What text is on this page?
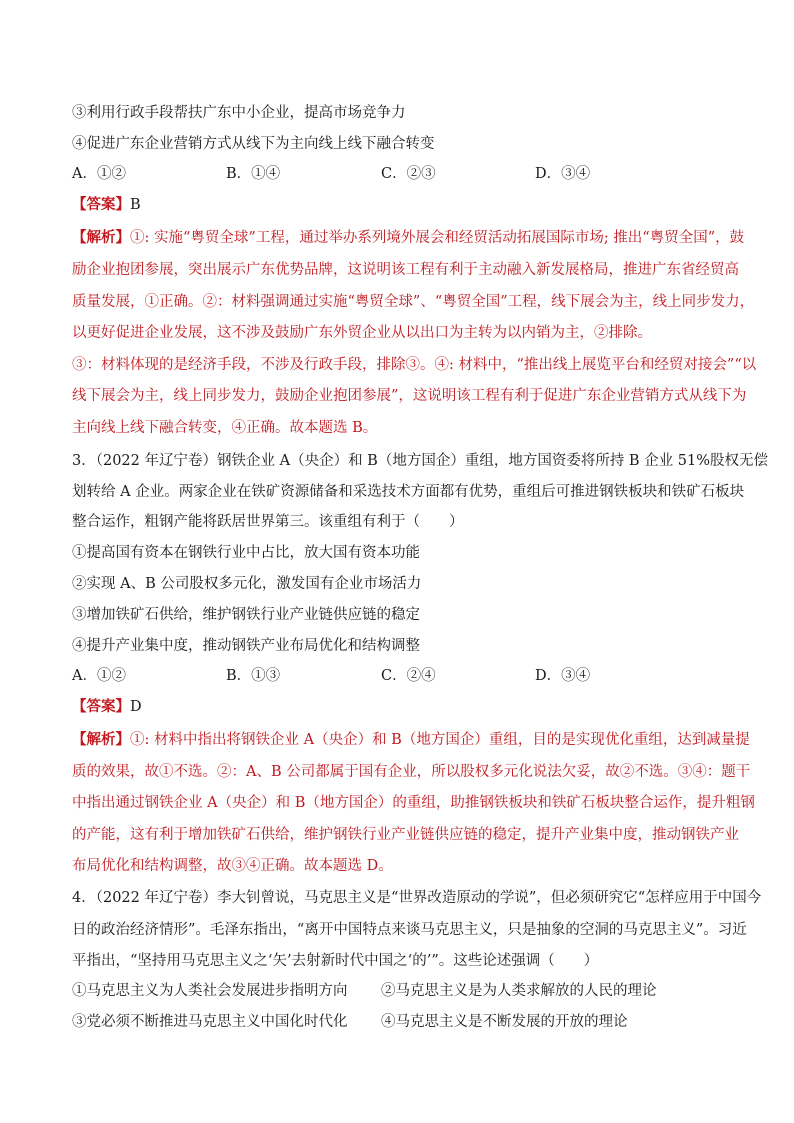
③利用行政手段帮扶广东中小企业，提高市场竞争力
④促进广东企业营销方式从线下为主向线上线下融合转变
A．①②	B．①④	C．②③	D．③④
【答案】B
【解析】①: 实施“粤贸全球”工程，通过举办系列境外展会和经贸活动拓展国际市场; 推出“粤贸全国”，鼓
励企业抱团参展，突出展示广东优势品牌，这说明该工程有利于主动融入新发展格局，推进广东省经贸高
质量发展，①正确。②：材料强调通过实施“粤贸全球”、“粤贸全国”工程，线下展会为主，线上同步发力，
以更好促进企业发展，这不涉及鼓励广东外贸企业从以出口为主转为以内销为主，②排除。
③：材料体现的是经济手段，不涉及行政手段，排除③。④: 材料中，“推出线上展览平台和经贸对接会”“以
线下展会为主，线上同步发力，鼓励企业抱团参展”，这说明该工程有利于促进广东企业营销方式从线下为
主向线上线下融合转变，④正确。故本题选 B。
3．（2022 年辽宁卷）钢铁企业 A（央企）和 B（地方国企）重组，地方国资委将所持 B 企业 51%股权无偿
划转给 A 企业。两家企业在铁矿资源储备和采选技术方面都有优势，重组后可推进钢铁板块和铁矿石板块
整合运作，粗钢产能将跃居世界第三。该重组有利于（　　）
①提高国有资本在钢铁行业中占比，放大国有资本功能
②实现 A、B 公司股权多元化，激发国有企业市场活力
③增加铁矿石供给，维护钢铁行业产业链供应链的稳定
④提升产业集中度，推动钢铁产业布局优化和结构调整
A．①②	B．①③	C．②④	D．③④
【答案】D
【解析】①: 材料中指出将钢铁企业 A（央企）和 B（地方国企）重组，目的是实现优化重组，达到减量提
质的效果，故①不选。②：A、B 公司都属于国有企业，所以股权多元化说法欠妥，故②不选。③④：题干
中指出通过钢铁企业 A（央企）和 B（地方国企）的重组，助推钢铁板块和铁矿石板块整合运作，提升粗钢
的产能，这有利于增加铁矿石供给，维护钢铁行业产业链供应链的稳定，提升产业集中度，推动钢铁产业
布局优化和结构调整，故③④正确。故本题选 D。
4．（2022 年辽宁卷）李大钊曾说，马克思主义是“世界改造原动的学说”，但必须研究它“怎样应用于中国今
日的政治经济情形”。毛泽东指出，“离开中国特点来谈马克思主义，只是抽象的空洞的马克思主义”。习近
平指出，“坚持用马克思主义之‘矢’去射新时代中国之‘的’”。这些论述强调（　　）
①马克思主义为人类社会发展进步指明方向 ②马克思主义是为人类求解放的人民的理论
③党必须不断推进马克思主义中国化时代化 ④马克思主义是不断发展的开放的理论
